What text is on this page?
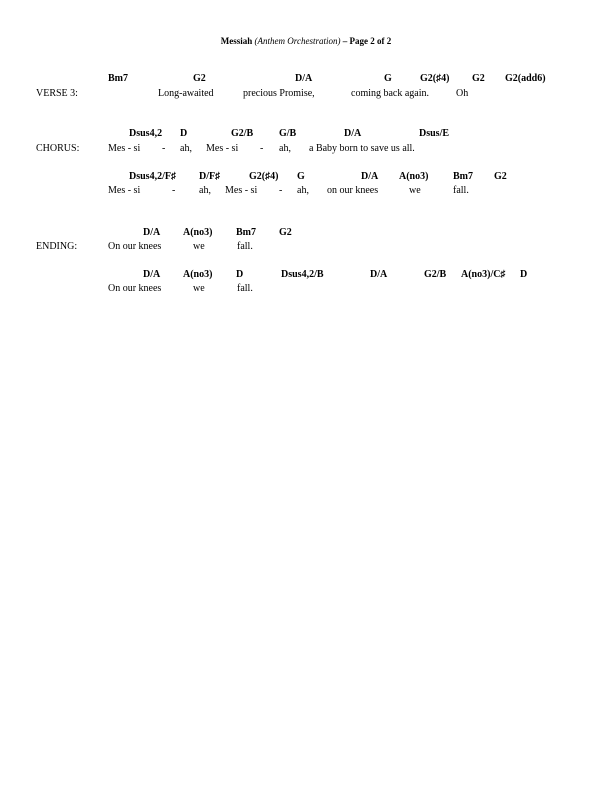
Messiah (Anthem Orchestration) – Page 2 of 2
VERSE 3:
CHORUS:
ENDING:
Bm7	G2	D/A	G	G2(♯4) G2 G2(add6)
Long-awaited	precious Promise,	coming back again.	Oh
Dsus4,2 D	G2/B	G/B	D/A	Dsus/E
Mes - si - ah, Mes - si - ah, a Baby born to save us all.
Dsus4,2/F♯ D/F♯	G2(♯4) G	D/A A(no3) Bm7 G2
Mes - si	- ah, Mes - si - ah, on our knees	we	fall.
D/A A(no3) Bm7 G2
On our knees	we	fall.
D/A A(no3) D	Dsus4,2/B	D/A	G2/B A(no3)/C♯ D
On our knees	we	fall.
